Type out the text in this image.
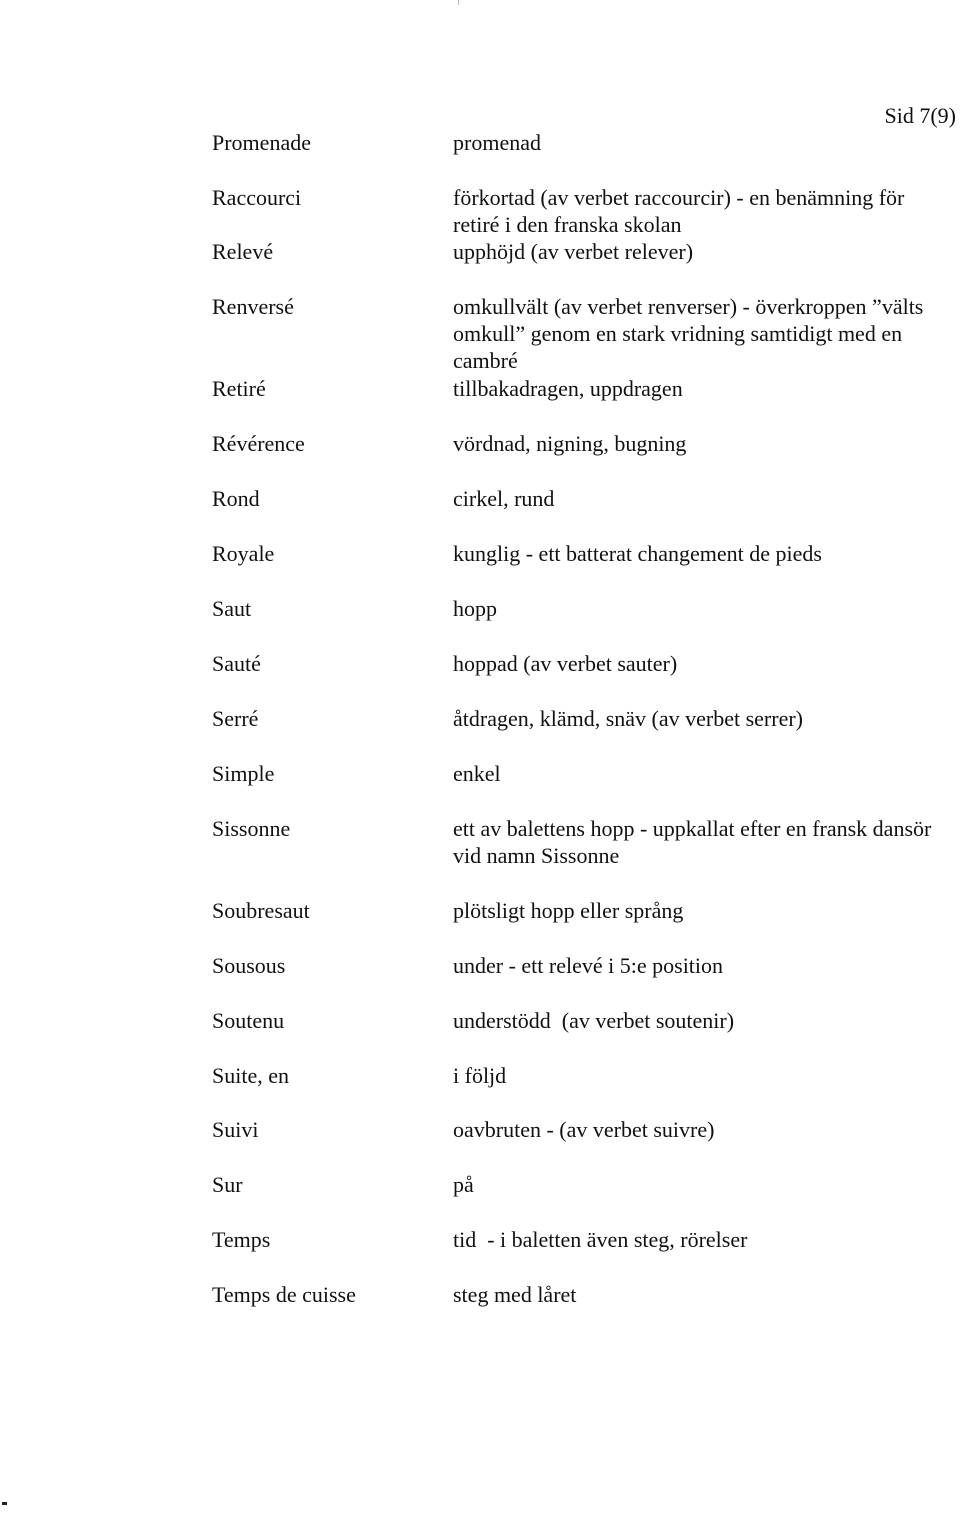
Sid 7(9)
Promenade	promenad
Raccourci	förkortad (av verbet raccourcir) - en benämning för
retiré i den franska skolan
Relevé	upphöjd (av verbet relever)
Renversé	omkullvält (av verbet renverser) - överkroppen ”välts
omkull” genom en stark vridning samtidigt med en
cambré
Retiré	tillbakadragen, uppdragen
Révérence	vördnad, nigning, bugning
Rond	cirkel, rund
Royale	kunglig - ett batterat changement de pieds
Saut	hopp
Sauté	hoppad (av verbet sauter)
Serré	åtdragen, klämd, snäv (av verbet serrer)
Simple	enkel
Sissonne	ett av balettens hopp - uppkallat efter en fransk dansör
vid namn Sissonne
Soubresaut	plötsligt hopp eller språng
Sousous	under - ett relevé i 5:e position
Soutenu	understödd  (av verbet soutenir)
Suite, en	i följd
Suivi	oavbruten - (av verbet suivre)
Sur	på
Temps	tid  - i baletten även steg, rörelser
Temps de cuisse	steg med låret
